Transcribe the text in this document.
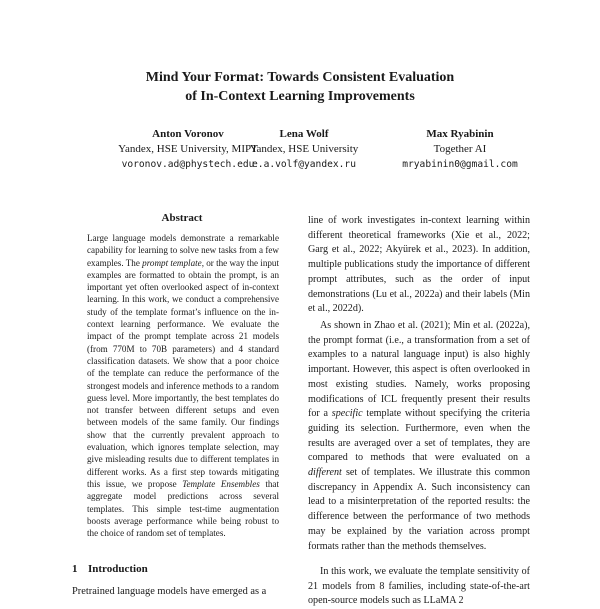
Mind Your Format: Towards Consistent Evaluation
of In-Context Learning Improvements
Anton Voronov
Yandex, HSE University, MIPT
voronov.ad@phystech.edu
Lena Wolf
Yandex, HSE University
e.a.volf@yandex.ru
Max Ryabinin
Together AI
mryabinin0@gmail.com
Abstract
Large language models demonstrate a remarkable capability for learning to solve new tasks from a few examples. The prompt template, or the way the input examples are formatted to obtain the prompt, is an important yet often overlooked aspect of in-context learning. In this work, we conduct a comprehensive study of the template format’s influence on the in-context learning performance. We evaluate the impact of the prompt template across 21 models (from 770M to 70B parameters) and 4 standard classification datasets. We show that a poor choice of the template can reduce the performance of the strongest models and inference methods to a random guess level. More importantly, the best templates do not transfer between different setups and even between models of the same family. Our findings show that the currently prevalent approach to evaluation, which ignores template selection, may give misleading results due to different templates in different works. As a first step towards mitigating this issue, we propose Template Ensembles that aggregate model predictions across several templates. This simple test-time augmentation boosts average performance while being robust to the choice of random set of templates.
1 Introduction
Pretrained language models have emerged as a
line of work investigates in-context learning within different theoretical frameworks (Xie et al., 2022; Garg et al., 2022; Akyürek et al., 2023). In addition, multiple publications study the importance of different prompt attributes, such as the order of input demonstrations (Lu et al., 2022a) and their labels (Min et al., 2022d).
As shown in Zhao et al. (2021); Min et al. (2022a), the prompt format (i.e., a transformation from a set of examples to a natural language input) is also highly important. However, this aspect is often overlooked in most existing studies. Namely, works proposing modifications of ICL frequently present their results for a specific template without specifying the criteria guiding its selection. Furthermore, even when the results are averaged over a set of templates, they are compared to methods that were evaluated on a different set of templates. We illustrate this common discrepancy in Appendix A. Such inconsistency can lead to a misinterpretation of the reported results: the difference between the performance of two methods may be explained by the variation across prompt formats rather than the methods themselves.
In this work, we evaluate the template sensitivity of 21 models from 8 families, including state-of-the-art open-source models such as LLaMA 2
